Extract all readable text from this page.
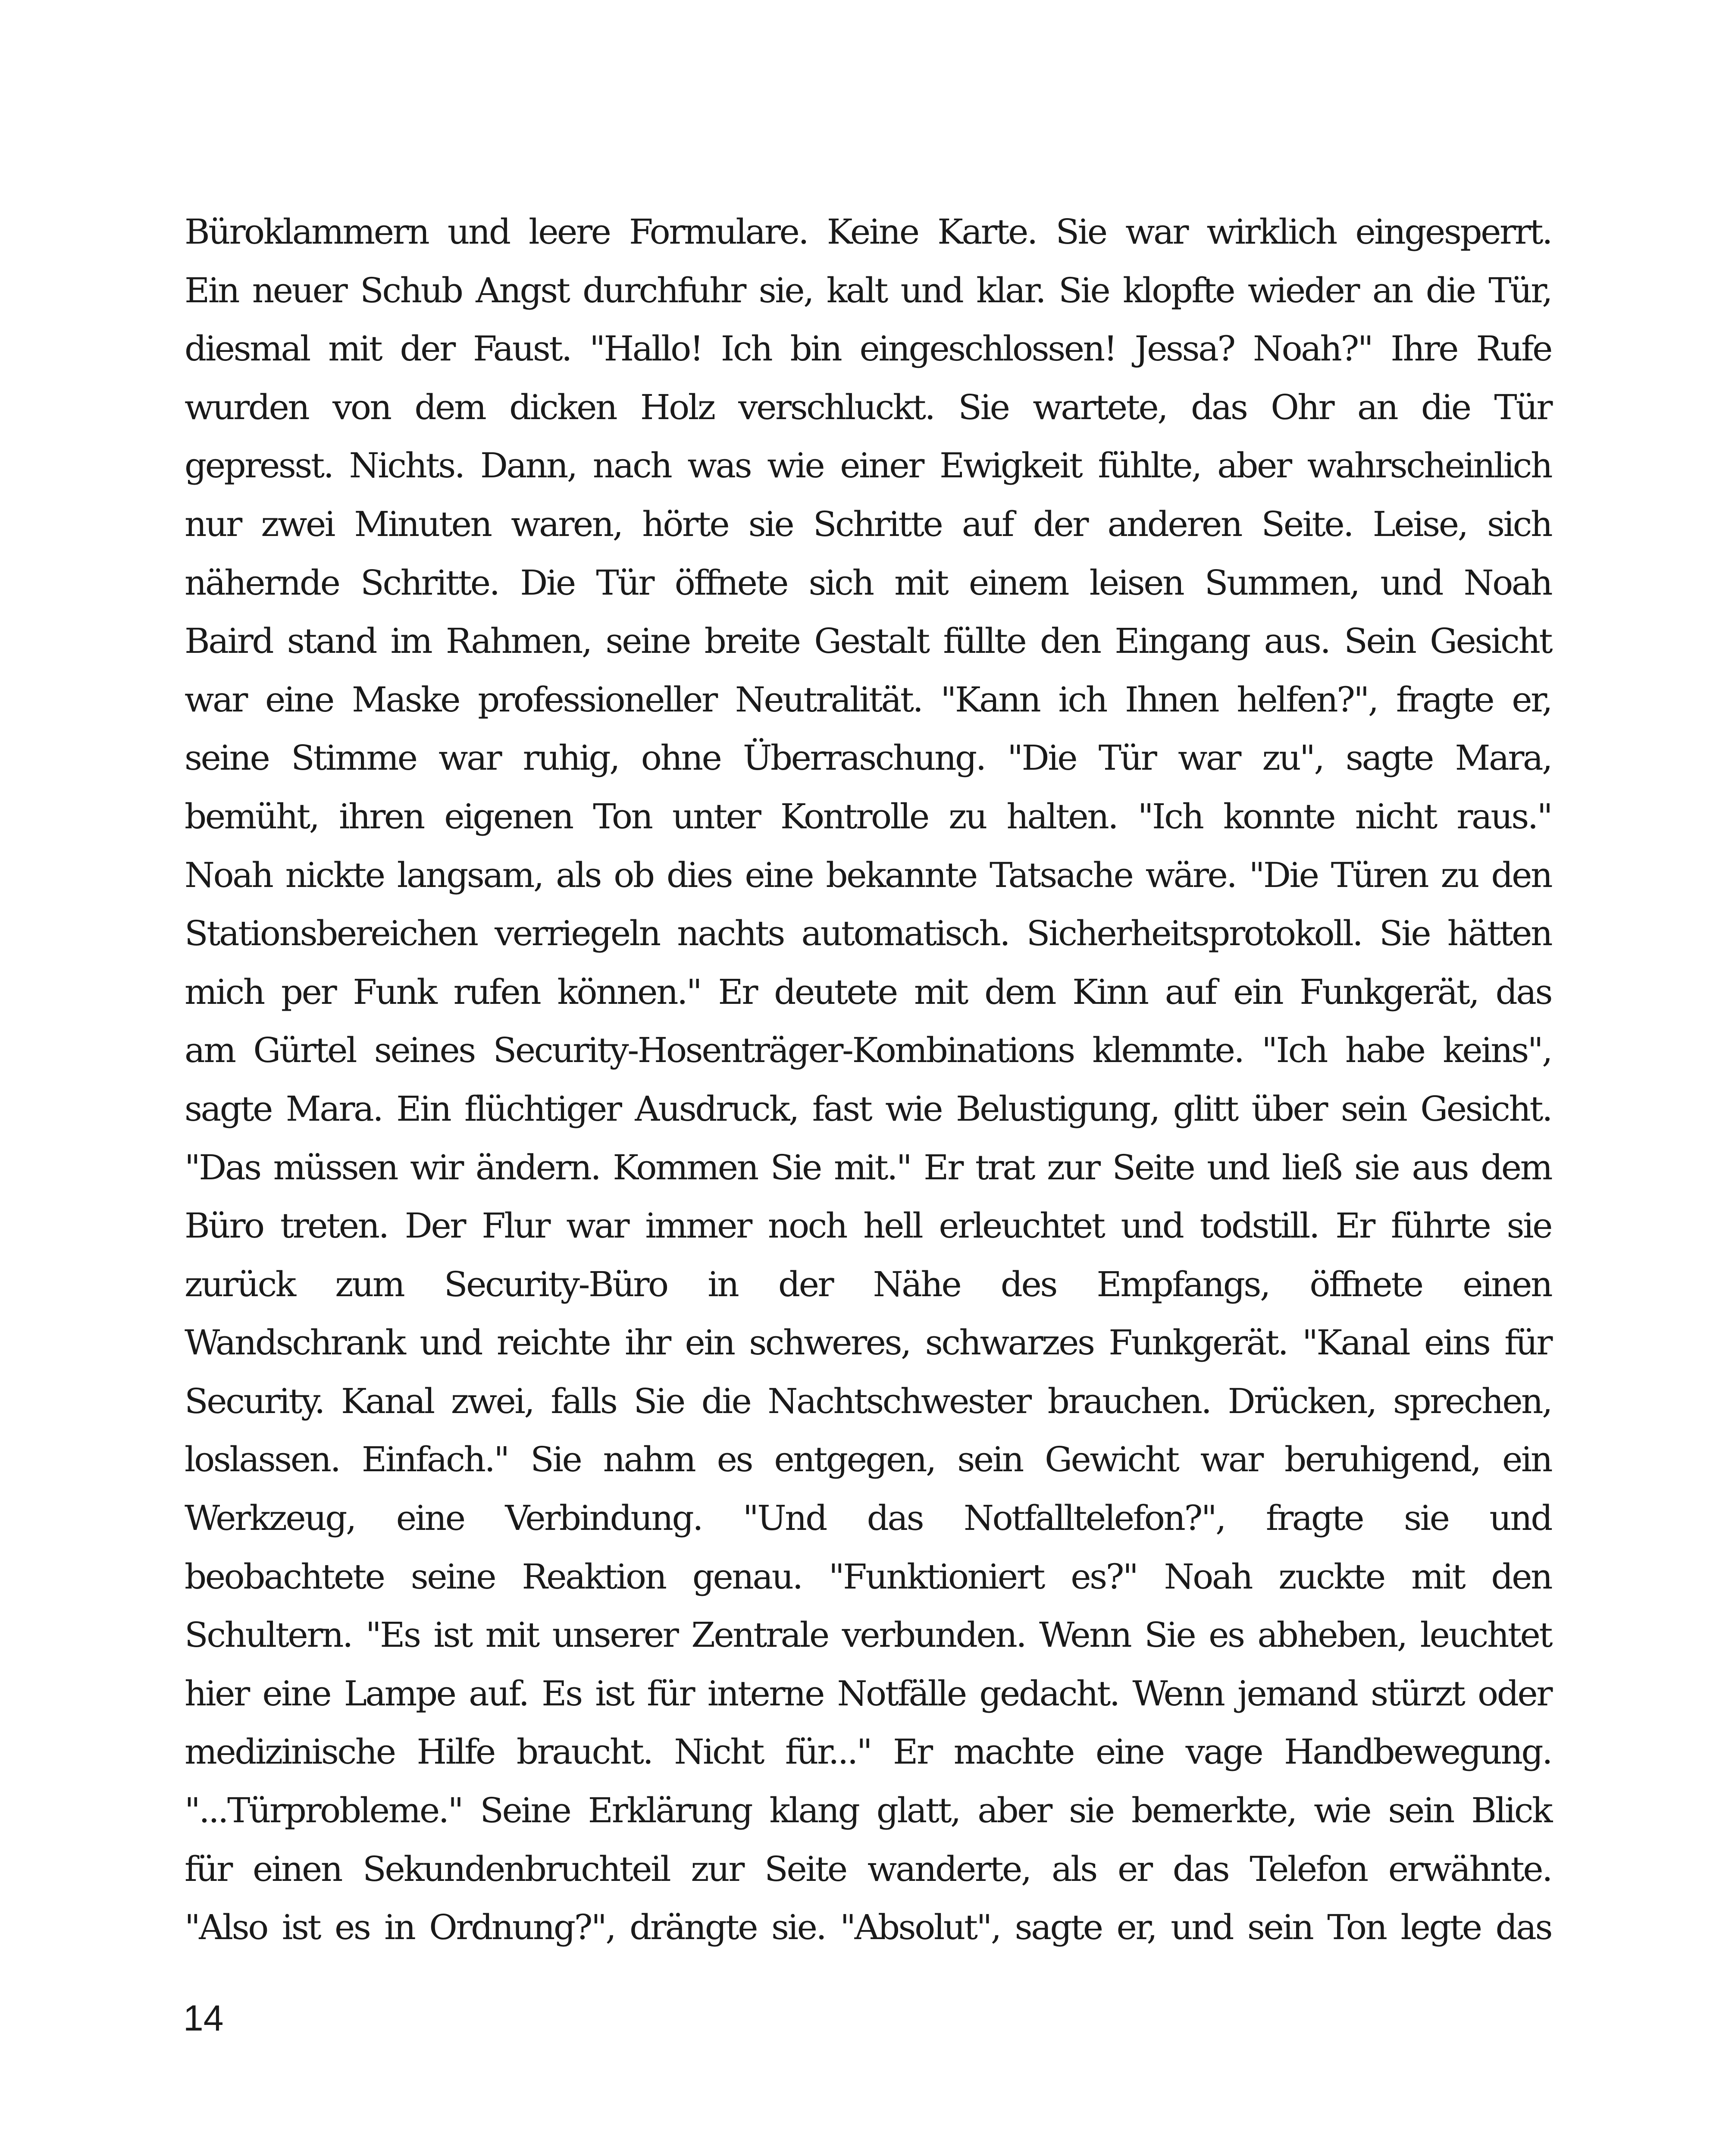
Büroklammern und leere Formulare. Keine Karte. Sie war wirklich eingesperrt.
Ein neuer Schub Angst durchfuhr sie, kalt und klar. Sie klopfte wieder an die Tür,
diesmal mit der Faust. "Hallo! Ich bin eingeschlossen! Jessa? Noah?" Ihre Rufe
wurden von dem dicken Holz verschluckt. Sie wartete, das Ohr an die Tür
gepresst. Nichts. Dann, nach was wie einer Ewigkeit fühlte, aber wahrscheinlich
nur zwei Minuten waren, hörte sie Schritte auf der anderen Seite. Leise, sich
nähernde Schritte. Die Tür öffnete sich mit einem leisen Summen, und Noah
Baird stand im Rahmen, seine breite Gestalt füllte den Eingang aus. Sein Gesicht
war eine Maske professioneller Neutralität. "Kann ich Ihnen helfen?", fragte er,
seine Stimme war ruhig, ohne Überraschung. "Die Tür war zu", sagte Mara,
bemüht, ihren eigenen Ton unter Kontrolle zu halten. "Ich konnte nicht raus."
Noah nickte langsam, als ob dies eine bekannte Tatsache wäre. "Die Türen zu den
Stationsbereichen verriegeln nachts automatisch. Sicherheitsprotokoll. Sie hätten
mich per Funk rufen können." Er deutete mit dem Kinn auf ein Funkgerät, das
am Gürtel seines Security-Hosenträger-Kombinations klemmte. "Ich habe keins",
sagte Mara. Ein flüchtiger Ausdruck, fast wie Belustigung, glitt über sein Gesicht.
"Das müssen wir ändern. Kommen Sie mit." Er trat zur Seite und ließ sie aus dem
Büro treten. Der Flur war immer noch hell erleuchtet und todstill. Er führte sie
zurück zum Security-Büro in der Nähe des Empfangs, öffnete einen
Wandschrank und reichte ihr ein schweres, schwarzes Funkgerät. "Kanal eins für
Security. Kanal zwei, falls Sie die Nachtschwester brauchen. Drücken, sprechen,
loslassen. Einfach." Sie nahm es entgegen, sein Gewicht war beruhigend, ein
Werkzeug, eine Verbindung. "Und das Notfalltelefon?", fragte sie und
beobachtete seine Reaktion genau. "Funktioniert es?" Noah zuckte mit den
Schultern. "Es ist mit unserer Zentrale verbunden. Wenn Sie es abheben, leuchtet
hier eine Lampe auf. Es ist für interne Notfälle gedacht. Wenn jemand stürzt oder
medizinische Hilfe braucht. Nicht für..." Er machte eine vage Handbewegung.
"...Türprobleme." Seine Erklärung klang glatt, aber sie bemerkte, wie sein Blick
für einen Sekundenbruchteil zur Seite wanderte, als er das Telefon erwähnte.
"Also ist es in Ordnung?", drängte sie. "Absolut", sagte er, und sein Ton legte das
14
